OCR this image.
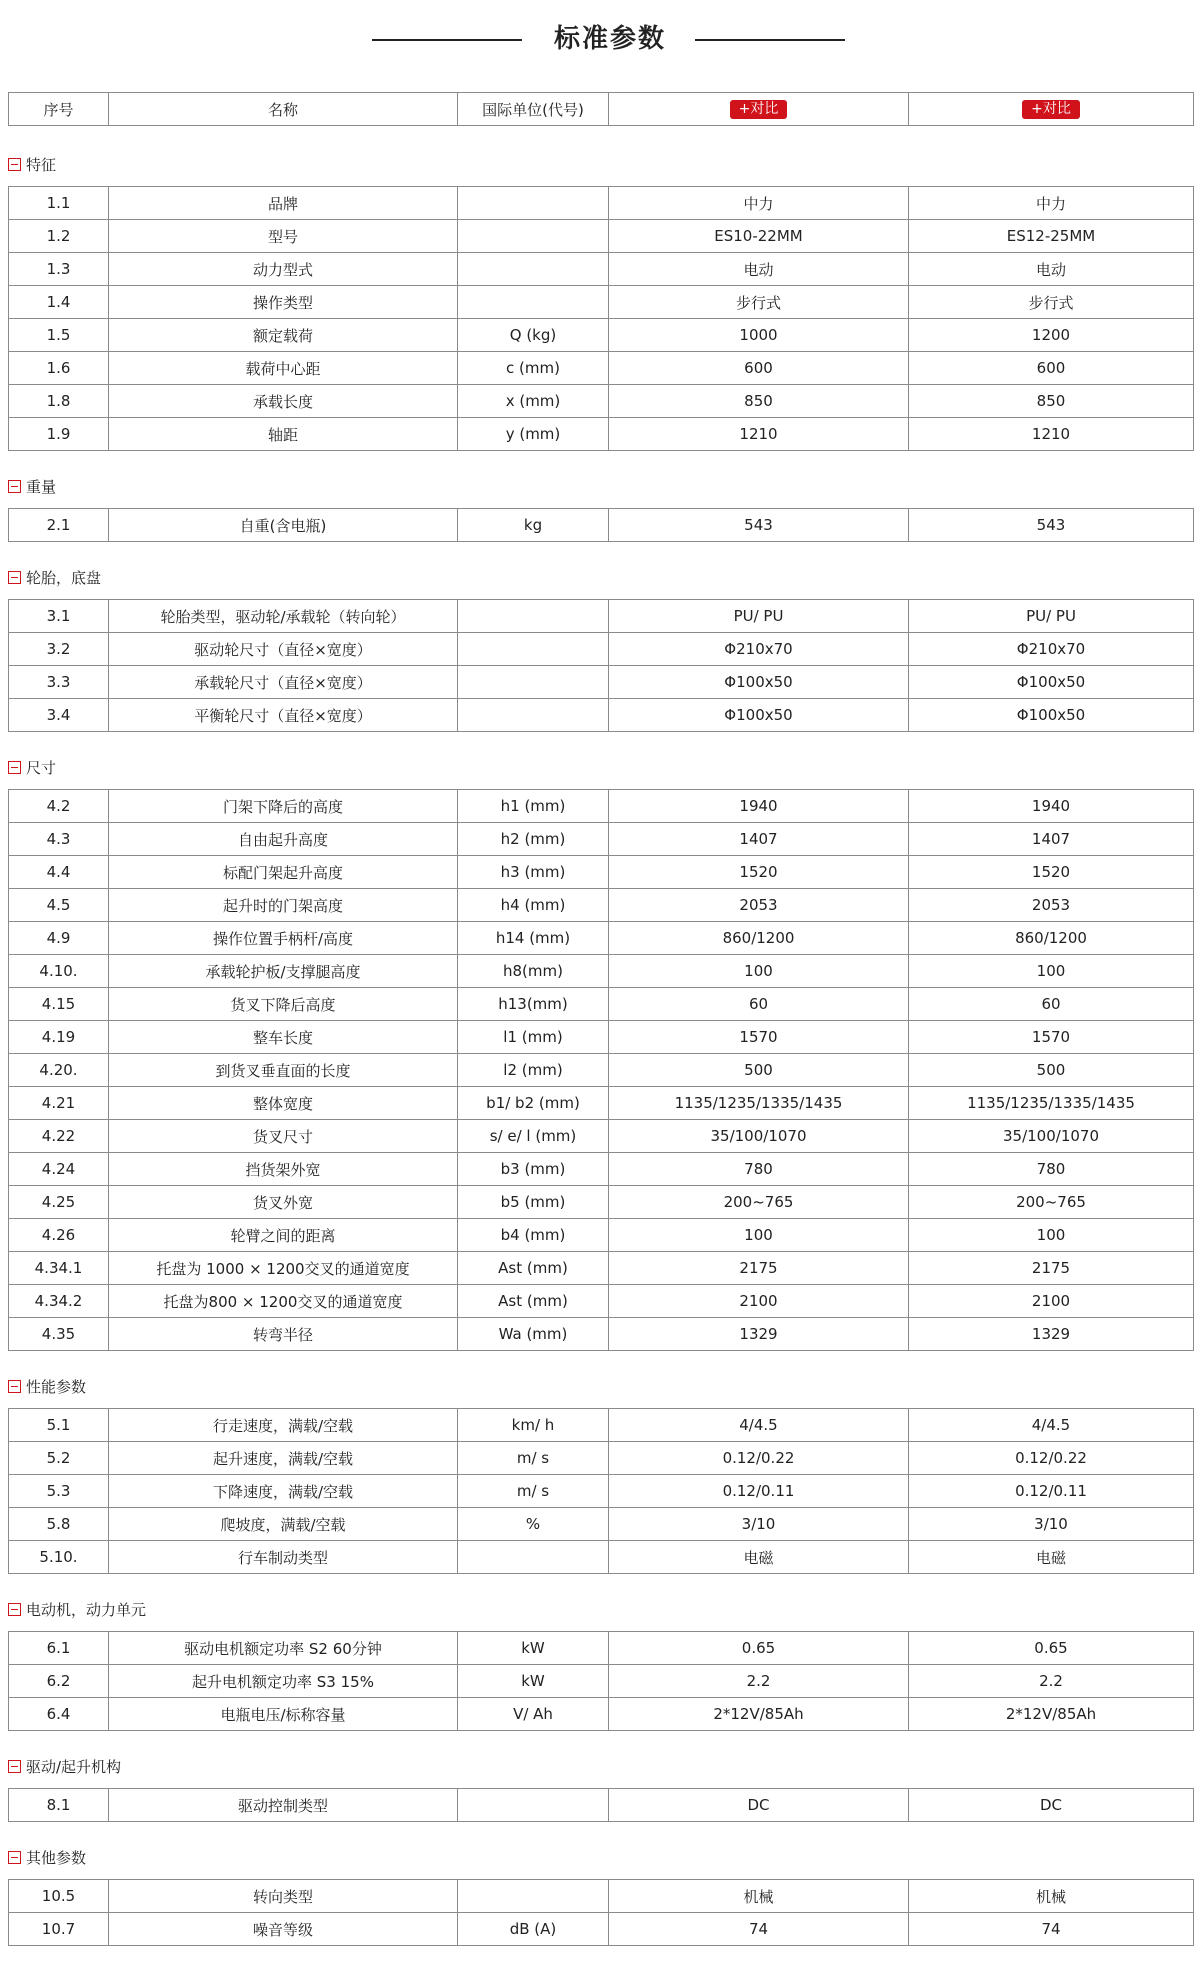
标准参数
序号	名称	国际单位(代号)	+对比	+对比
特征
1.1	品牌		中力	中力
1.2	型号		ES10-22MM	ES12-25MM
1.3	动力型式		电动	电动
1.4	操作类型		步行式	步行式
1.5	额定载荷	Q (kg)	1000	1200
1.6	载荷中心距	c (mm)	600	600
1.8	承载长度	x (mm)	850	850
1.9	轴距	y (mm)	1210	1210
重量
2.1	自重(含电瓶)	kg	543	543
轮胎，底盘
3.1	轮胎类型，驱动轮/承载轮（转向轮）		PU/ PU	PU/ PU
3.2	驱动轮尺寸（直径×宽度）		Φ210x70	Φ210x70
3.3	承载轮尺寸（直径×宽度）		Φ100x50	Φ100x50
3.4	平衡轮尺寸（直径×宽度）		Φ100x50	Φ100x50
尺寸
4.2	门架下降后的高度	h1 (mm)	1940	1940
4.3	自由起升高度	h2 (mm)	1407	1407
4.4	标配门架起升高度	h3 (mm)	1520	1520
4.5	起升时的门架高度	h4 (mm)	2053	2053
4.9	操作位置手柄杆/高度	h14 (mm)	860/1200	860/1200
4.10.	承载轮护板/支撑腿高度	h8(mm)	100	100
4.15	货叉下降后高度	h13(mm)	60	60
4.19	整车长度	l1 (mm)	1570	1570
4.20.	到货叉垂直面的长度	l2 (mm)	500	500
4.21	整体宽度	b1/ b2 (mm)	1135/1235/1335/1435	1135/1235/1335/1435
4.22	货叉尺寸	s/ e/ l (mm)	35/100/1070	35/100/1070
4.24	挡货架外宽	b3 (mm)	780	780
4.25	货叉外宽	b5 (mm)	200~765	200~765
4.26	轮臂之间的距离	b4 (mm)	100	100
4.34.1	托盘为 1000 × 1200交叉的通道宽度	Ast (mm)	2175	2175
4.34.2	托盘为800 × 1200交叉的通道宽度	Ast (mm)	2100	2100
4.35	转弯半径	Wa (mm)	1329	1329
性能参数
5.1	行走速度，满载/空载	km/ h	4/4.5	4/4.5
5.2	起升速度，满载/空载	m/ s	0.12/0.22	0.12/0.22
5.3	下降速度，满载/空载	m/ s	0.12/0.11	0.12/0.11
5.8	爬坡度，满载/空载	%	3/10	3/10
5.10.	行车制动类型		电磁	电磁
电动机，动力单元
6.1	驱动电机额定功率 S2 60分钟	kW	0.65	0.65
6.2	起升电机额定功率 S3 15%	kW	2.2	2.2
6.4	电瓶电压/标称容量	V/ Ah	2*12V/85Ah	2*12V/85Ah
驱动/起升机构
8.1	驱动控制类型		DC	DC
其他参数
10.5	转向类型		机械	机械
10.7	噪音等级	dB (A)	74	74
